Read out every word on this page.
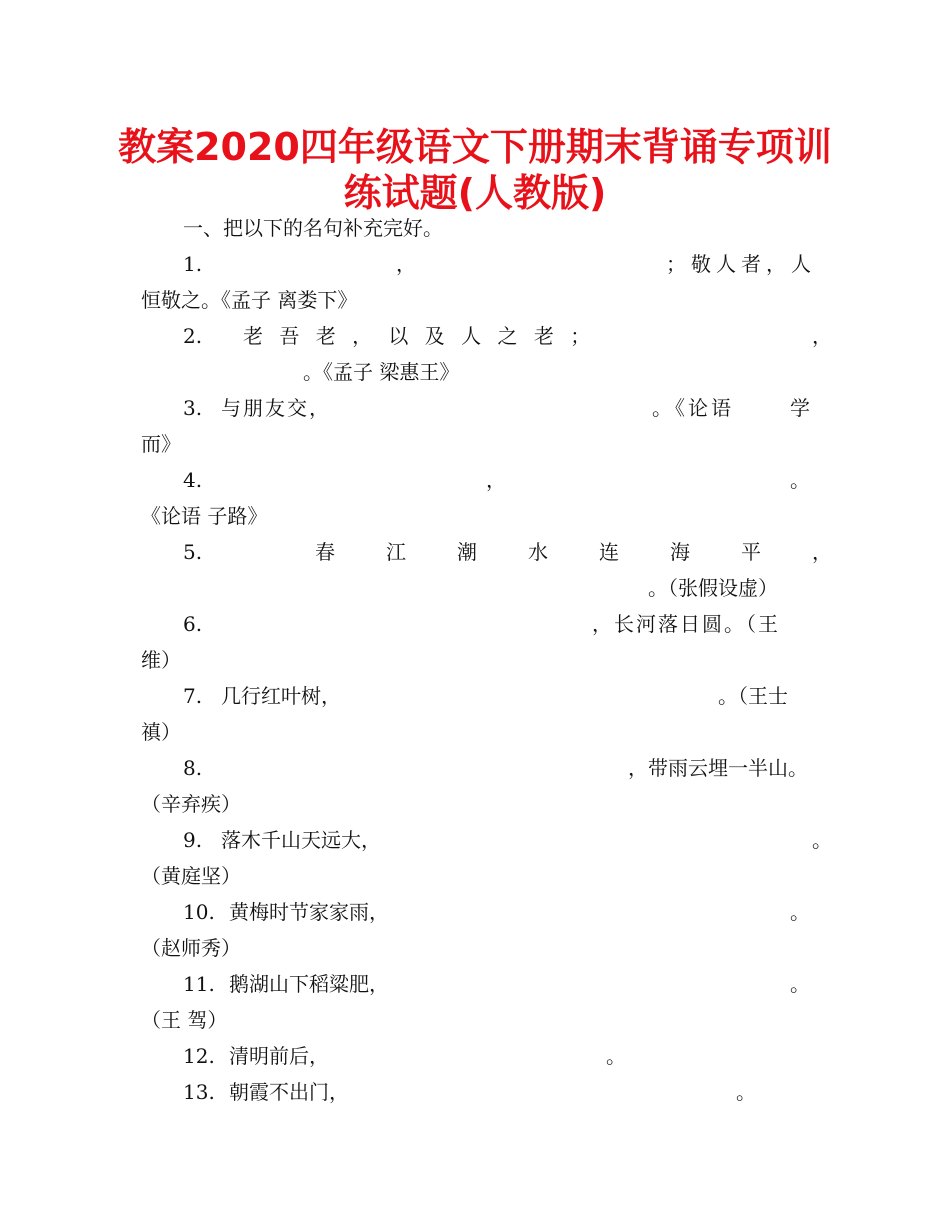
教案2020四年级语文下册期末背诵专项训
练试题(人教版)
一、把以下的名句补充完好。
1.	，	；敬人者，人
恒敬之。《孟子 离娄下》
2. 老 吾 老 ， 以 及 人 之 老 ；	，
。《孟子 梁惠王》
3. 与朋友交，	。《论语	学
而》
4.	，	。
《论语 子路》
5.	春	江	潮	水	连	海	平	，
。（张假设虚）
6.	，长河落日圆。（王
维）
7. 几行红叶树，	。（王士
禛）
8.	，带雨云埋一半山。
（辛弃疾）
9. 落木千山天远大，	。
（黄庭坚）
10. 黄梅时节家家雨，	。
（赵师秀）
11. 鹅湖山下稻粱肥，	。
（王 驾）
12. 清明前后，	。
13. 朝霞不出门，	。
